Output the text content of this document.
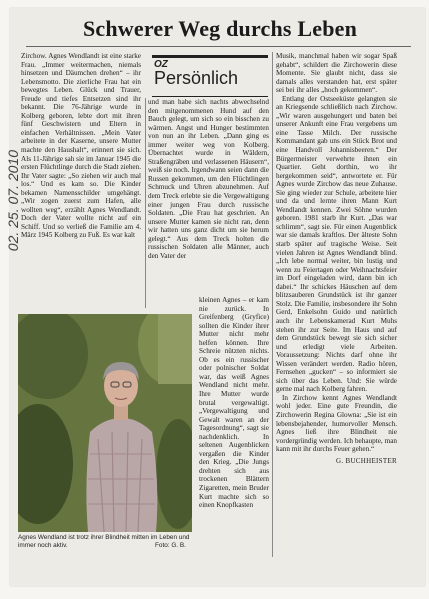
Schwerer Weg durchs Leben
02. 25. 07. 2010

Zirchow. Agnes Wendlandt ist eine starke Frau. „Immer weitermachen, niemals hinsetzen und Däumchen drehen“ – ihr Lebensmotto. Die zierliche Frau hat ein bewegtes Leben. Glück und Trauer, Freude und tiefes Entsetzen sind ihr bekannt. Die 76-Jährige wurde in Kolberg geboren, lebte dort mit ihren fünf Geschwistern und Eltern in einfachen Verhältnissen. „Mein Vater arbeitete in der Kaserne, unsere Mutter machte den Haushalt“, erinnert sie sich. Als 11-Jährige sah sie im Januar 1945 die ersten Flüchtlinge durch die Stadt ziehen. Ihr Vater sagte: „So ziehen wir auch mal los.“ Und es kam so. Die Kinder bekamen Namensschilder umgehängt. „Wir zogen zuerst zum Hafen, alle wollten weg“, erzählt Agnes Wendlandt. Doch der Vater wollte nicht auf ein Schiff. Und so verließ die Familie am 4. März 1945 Kolberg zu Fuß. Es war kalt

OZ
Persönlich

und man habe sich nachts abwechselnd den mitgenommenen Hund auf den Bauch gelegt, um sich so ein bisschen zu wärmen. Angst und Hunger bestimmten von nun an ihr Leben. „Dann ging es immer weiter weg von Kolberg. Übernachtet wurde in Wäldern, Straßengräben und verlassenen Häusern“, weiß sie noch. Irgendwann seien dann die Russen gekommen, um den Flüchtlingen Schmuck und Uhren abzunehmen. Auf dem Treck erlebte sie die Vergewaltigung einer jungen Frau durch russische Soldaten. „Die Frau hat geschrien. An unsere Mutter kamen sie nicht ran, denn wir hatten uns ganz dicht um sie herum gelegt.“ Aus dem Treck holten die russischen Soldaten alle Männer, auch den Vater der

kleinen Agnes – er kam nie zurück. In Greifenberg (Gryfice) sollten die Kinder ihrer Mutter nicht mehr helfen können. Ihre Schreie nützten nichts. Ob es ein russischer oder polnischer Soldat war, das weiß Agnes Wendland nicht mehr. Ihre Mutter wurde brutal vergewaltigt. „Vergewaltigung und Gewalt waren an der Tagesordnung“, sagt sie nachdenklich. In seltenen Augenblicken vergaßen die Kinder den Krieg. „Die Jungs drehten sich aus trockenen Blättern Zigaretten, mein Bruder Kurt machte sich so einen Knopfkasten

Musik, manchmal haben wir sogar Spaß gehabt“, schildert die Zirchowerin diese Momente. Sie glaubt nicht, dass sie damals alles verstanden hat, erst später sei bei ihr alles „hoch gekommen“.

Entlang der Ostseeküste gelangten sie an Kriegsende schließlich nach Zirchow. „Wir waren ausgehungert und baten bei unserer Ankunft eine Frau vergebens um eine Tasse Milch. Der russische Kommandant gab uns ein Stück Brot und eine Handvoll Johannisbeeren.“ Der Bürgermeister verwehrte ihnen ein Quartier. Geht dorthin, wo ihr hergekommen seid“, antwortete er. Für Agnes wurde Zirchow das neue Zuhause. Sie ging wieder zur Schule, arbeitete hier und da und lernte ihren Mann Kurt Wendlandt kennen. Zwei Söhne wurden geboren. 1981 starb ihr Kurt. „Das war schlimm“, sagt sie. Für einen Augenblick war sie damals kraftlos. Der älteste Sohn starb später auf tragische Weise. Seit vielen Jahren ist Agnes Wendlandt blind. „Ich lebe normal weiter, bin lustig und wenn zu Feiertagen oder Weihnachtsfeier im Dorf eingeladen wird, dann bin ich dabei.“ Ihr schickes Häuschen auf dem blitzsauberen Grundstück ist ihr ganzer Stolz. Die Familie, insbesondere ihr Sohn Gerd, Enkelsohn Guido und natürlich auch ihr Lebenskamerad Kurt Muhs stehen ihr zur Seite. Im Haus und auf dem Grundstück bewegt sie sich sicher und erledigt viele Arbeiten. Voraussetzung: Nichts darf ohne ihr Wissen verändert werden. Radio hören, Fernsehen „gucken“ – so informiert sie sich über das Leben. Und: Sie würde gerne mal nach Kolberg fahren.

In Zirchow kennt Agnes Wendlandt wohl jeder. Eine gute Freundin, die Zirchowerin Regina Glowna: „Sie ist ein lebensbejahender, humorvoller Mensch. Agnes ließ ihre Blindheit nie vordergründig werden. Ich behaupte, man kann mit ihr durchs Feuer gehen.“

G. BUCHHEISTER
Agnes Wendland ist trotz ihrer Blindheit mitten im Leben und immer noch aktiv.	Foto: G. B.
